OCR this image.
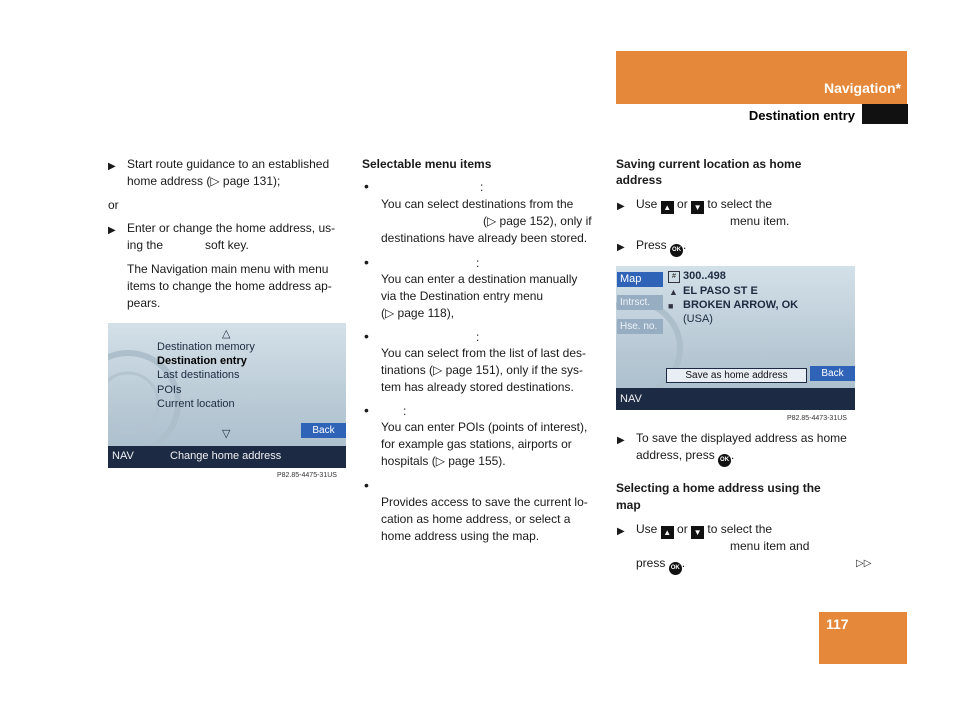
Navigation*
Destination entry
▶ Start route guidance to an established
home address (▷ page 131);
or
▶ Enter or change the home address, us-
ing the	soft key.
The Navigation main menu with menu
items to change the home address ap-
pears.
△
Destination memory
Destination entry
Last destinations
POIs
Current location
▽	Back
NAV	Change home address
P82.85-4475-31US
Selectable menu items
•	:
You can select destinations from the
(▷ page 152), only if
destinations have already been stored.
•	:
You can enter a destination manually
via the Destination entry menu
(▷ page 118),
•	:
You can select from the list of last des-
tinations (▷ page 151), only if the sys-
tem has already stored destinations.
•	:
You can enter POIs (points of interest),
for example gas stations, airports or
hospitals (▷ page 155).
•
Provides access to save the current lo-
cation as home address, or select a
home address using the map.
Saving current location as home
address
▶ Use ▲ or ▼ to select the
menu item.
▶ Press OK .
Map
Intrsct.
Hse. no.
# 300..498
▲ EL PASO ST E
■ BROKEN ARROW, OK
(USA)
Save as home address	Back
NAV
P82.85-4473-31US
▶ To save the displayed address as home
address, press OK .
Selecting a home address using the
map
▶ Use ▲ or ▼ to select the
menu item and
press OK .	▷▷
117
